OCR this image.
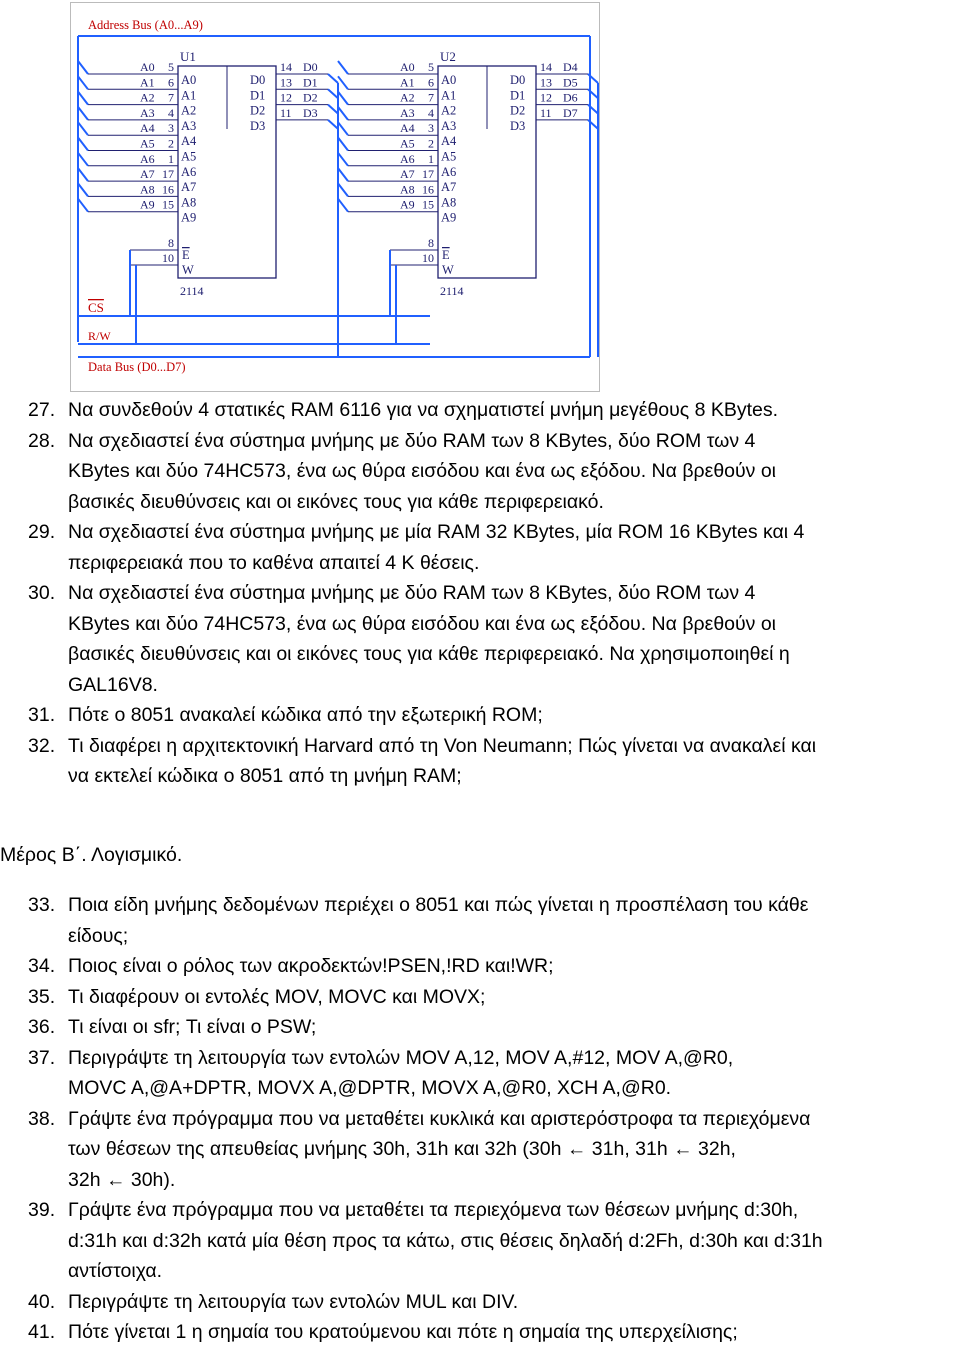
Address Bus (A0...A9)
U1
2114
A0 5
A0
A1 6
A1
A2 7
A2
A3 4
A3
A4 3
A4
A5 2
A5
A6 1
A6
A7 17
A7
A8 16
A8
A9 15
A9
D0
14 D0
D1
13 D1
D2
12 D2
D3
11 D3
8
E
10
W
U2
2114
A0 5
A0
A1 6
A1
A2 7
A2
A3 4
A3
A4 3
A4
A5 2
A5
A6 1
A6
A7 17
A7
A8 16
A8
A9 15
A9
D0
14 D4
D1
13 D5
D2
12 D6
D3
11 D7
8
E
10
W
CS
R/W
Data Bus (D0...D7)
27. Να συνδεθούν 4 στατικές RAM 6116 για να σχηματιστεί μνήμη μεγέθους 8 KBytes.
28. Να σχεδιαστεί ένα σύστημα μνήμης με δύο RAM των 8 KBytes, δύο ROM των 4
KBytes και δύο 74HC573, ένα ως θύρα εισόδου και ένα ως εξόδου. Να βρεθούν οι
βασικές διευθύνσεις και οι εικόνες τους για κάθε περιφερειακό.
29. Να σχεδιαστεί ένα σύστημα μνήμης με μία RAM 32 KBytes, μία ROM 16 KBytes και 4
περιφερειακά που το καθένα απαιτεί 4 Κ θέσεις.
30. Να σχεδιαστεί ένα σύστημα μνήμης με δύο RAM των 8 KBytes, δύο ROM των 4
KBytes και δύο 74HC573, ένα ως θύρα εισόδου και ένα ως εξόδου. Να βρεθούν οι
βασικές διευθύνσεις και οι εικόνες τους για κάθε περιφερειακό. Να χρησιμοποιηθεί η
GAL16V8.
31. Πότε ο 8051 ανακαλεί κώδικα από την εξωτερική ROM;
32. Τι διαφέρει η αρχιτεκτονική Harvard από τη Von Neumann; Πώς γίνεται να ανακαλεί και
να εκτελεί κώδικα ο 8051 από τη μνήμη RAM;
Μέρος Β΄. Λογισμικό.
33. Ποια είδη μνήμης δεδομένων περιέχει ο 8051 και πώς γίνεται η προσπέλαση του κάθε
είδους;
34. Ποιος είναι ο ρόλος των ακροδεκτών!PSEN,!RD και!WR;
35. Τι διαφέρουν οι εντολές MOV, MOVC και MOVX;
36. Τι είναι οι sfr; Τι είναι ο PSW;
37. Περιγράψτε τη λειτουργία των εντολών MOV A,12, MOV A,#12, MOV A,@R0,
MOVC A,@A+DPTR, MOVX A,@DPTR, MOVX A,@R0, XCH A,@R0.
38. Γράψτε ένα πρόγραμμα που να μεταθέτει κυκλικά και αριστερόστροφα τα περιεχόμενα
των θέσεων της απευθείας μνήμης 30h, 31h και 32h (30h ← 31h, 31h ← 32h,
32h ← 30h).
39. Γράψτε ένα πρόγραμμα που να μεταθέτει τα περιεχόμενα των θέσεων μνήμης d:30h,
d:31h και d:32h κατά μία θέση προς τα κάτω, στις θέσεις δηλαδή d:2Fh, d:30h και d:31h
αντίστοιχα.
40. Περιγράψτε τη λειτουργία των εντολών MUL και DIV.
41. Πότε γίνεται 1 η σημαία του κρατούμενου και πότε η σημαία της υπερχείλισης;
